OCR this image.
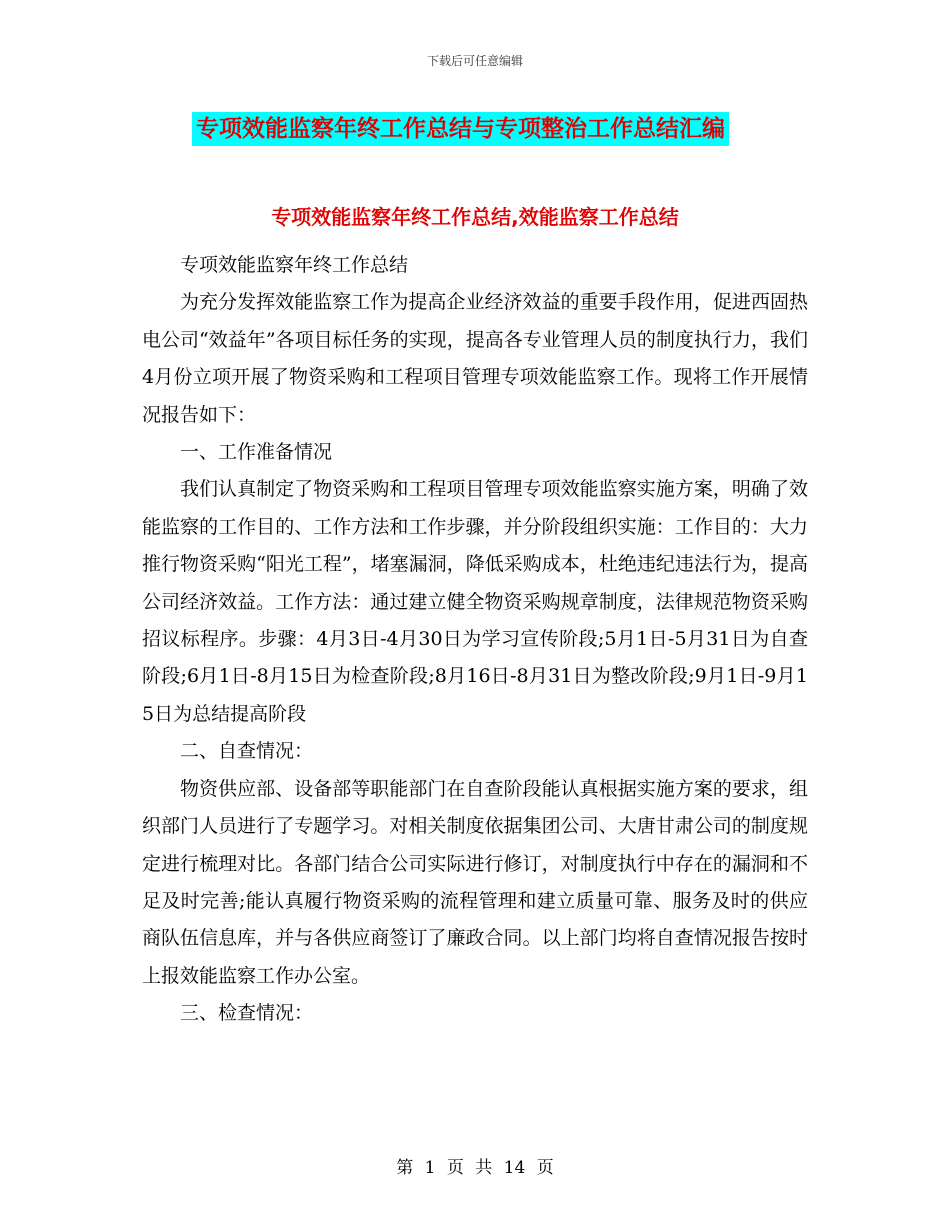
下载后可任意编辑
专项效能监察年终工作总结与专项整治工作总结汇编
专项效能监察年终工作总结,效能监察工作总结

专项效能监察年终工作总结

为充分发挥效能监察工作为提高企业经济效益的重要手段作用，促进西固热电公司“效益年”各项目标任务的实现，提高各专业管理人员的制度执行力，我们4月份立项开展了物资采购和工程项目管理专项效能监察工作。现将工作开展情况报告如下：

一、工作准备情况

我们认真制定了物资采购和工程项目管理专项效能监察实施方案，明确了效能监察的工作目的、工作方法和工作步骤，并分阶段组织实施：工作目的：大力推行物资采购“阳光工程”，堵塞漏洞，降低采购成本，杜绝违纪违法行为，提高公司经济效益。工作方法：通过建立健全物资采购规章制度，法律规范物资采购招议标程序。步骤：4月3日-4月30日为学习宣传阶段;5月1日-5月31日为自查阶段;6月1日-8月15日为检查阶段;8月16日-8月31日为整改阶段;9月1日-9月15日为总结提高阶段

二、自查情况：

物资供应部、设备部等职能部门在自查阶段能认真根据实施方案的要求，组织部门人员进行了专题学习。对相关制度依据集团公司、大唐甘肃公司的制度规定进行梳理对比。各部门结合公司实际进行修订，对制度执行中存在的漏洞和不足及时完善;能认真履行物资采购的流程管理和建立质量可靠、服务及时的供应商队伍信息库，并与各供应商签订了廉政合同。以上部门均将自查情况报告按时上报效能监察工作办公室。

三、检查情况：

第 1 页 共 14 页
